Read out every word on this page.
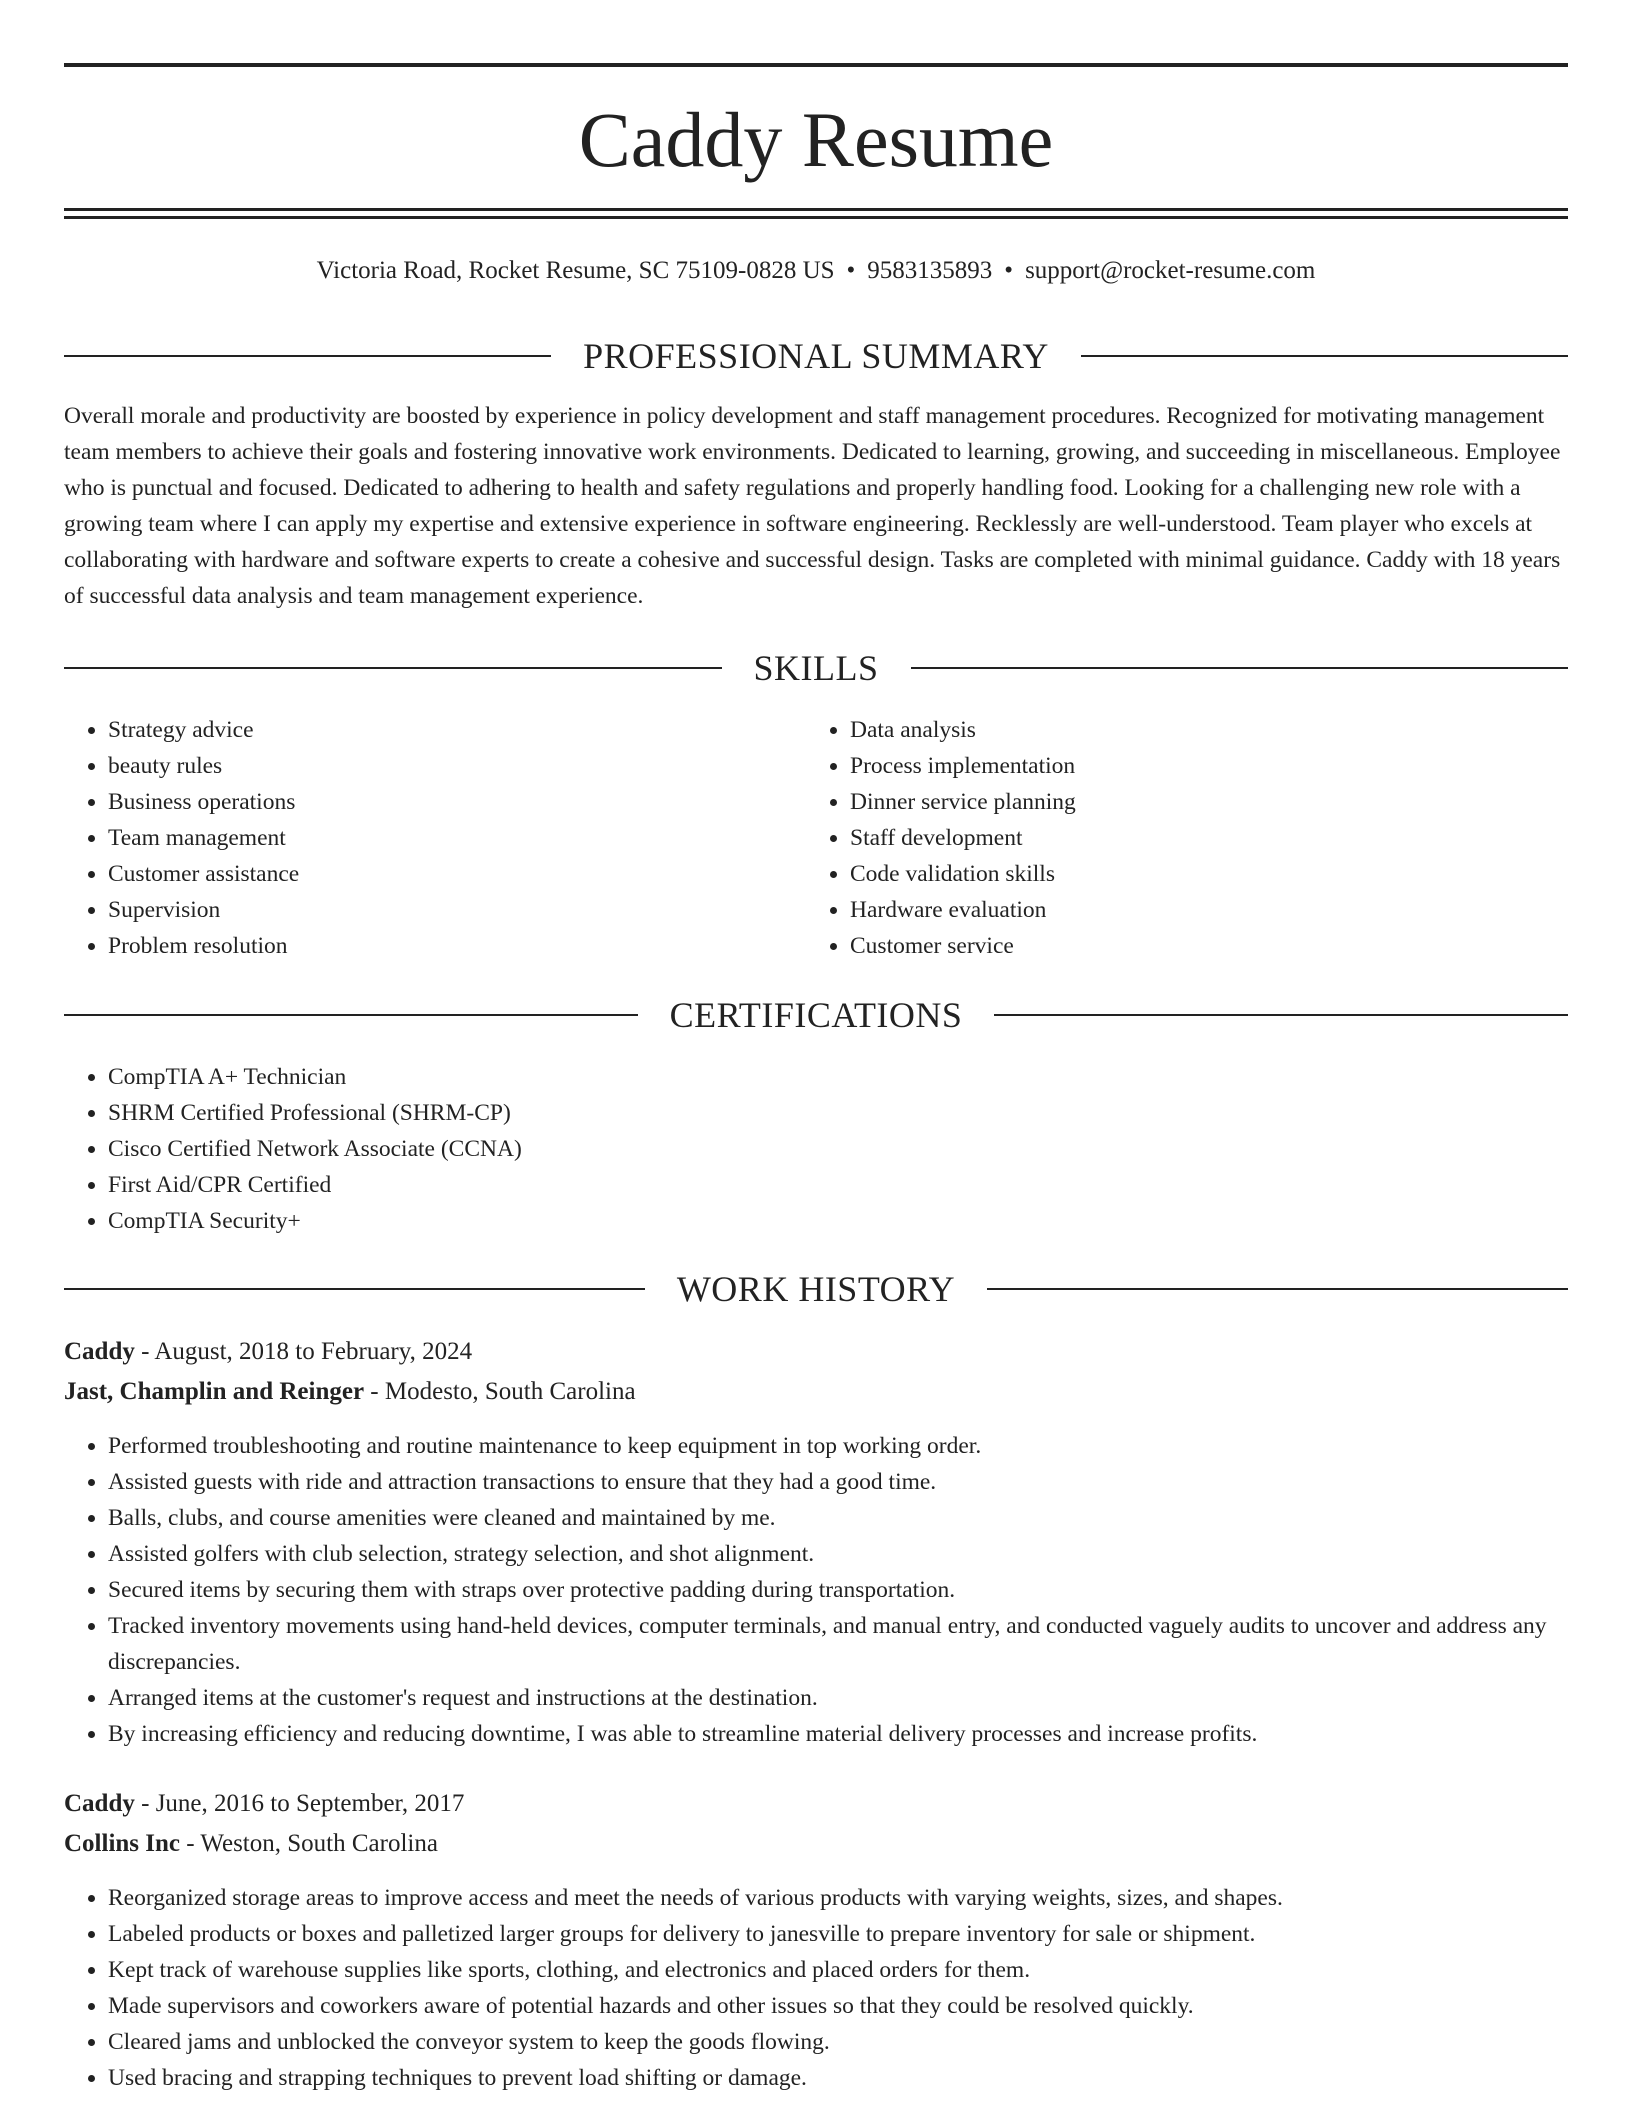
Caddy Resume
Victoria Road, Rocket Resume, SC 75109-0828 US • 9583135893 • support@rocket-resume.com
PROFESSIONAL SUMMARY

Overall morale and productivity are boosted by experience in policy development and staff management procedures. Recognized for motivating management team members to achieve their goals and fostering innovative work environments. Dedicated to learning, growing, and succeeding in miscellaneous. Employee who is punctual and focused. Dedicated to adhering to health and safety regulations and properly handling food. Looking for a challenging new role with a growing team where I can apply my expertise and extensive experience in software engineering. Recklessly are well-understood. Team player who excels at collaborating with hardware and software experts to create a cohesive and successful design. Tasks are completed with minimal guidance. Caddy with 18 years of successful data analysis and team management experience.

SKILLS
• Strategy advice
• beauty rules
• Business operations
• Team management
• Customer assistance
• Supervision
• Problem resolution
• Data analysis
• Process implementation
• Dinner service planning
• Staff development
• Code validation skills
• Hardware evaluation
• Customer service
CERTIFICATIONS
• CompTIA A+ Technician
• SHRM Certified Professional (SHRM-CP)
• Cisco Certified Network Associate (CCNA)
• First Aid/CPR Certified
• CompTIA Security+
WORK HISTORY
Caddy - August, 2018 to February, 2024
Jast, Champlin and Reinger - Modesto, South Carolina
• Performed troubleshooting and routine maintenance to keep equipment in top working order.
• Assisted guests with ride and attraction transactions to ensure that they had a good time.
• Balls, clubs, and course amenities were cleaned and maintained by me.
• Assisted golfers with club selection, strategy selection, and shot alignment.
• Secured items by securing them with straps over protective padding during transportation.
• Tracked inventory movements using hand-held devices, computer terminals, and manual entry, and conducted vaguely audits to uncover and address any discrepancies.
• Arranged items at the customer's request and instructions at the destination.
• By increasing efficiency and reducing downtime, I was able to streamline material delivery processes and increase profits.
Caddy - June, 2016 to September, 2017
Collins Inc - Weston, South Carolina
• Reorganized storage areas to improve access and meet the needs of various products with varying weights, sizes, and shapes.
• Labeled products or boxes and palletized larger groups for delivery to janesville to prepare inventory for sale or shipment.
• Kept track of warehouse supplies like sports, clothing, and electronics and placed orders for them.
• Made supervisors and coworkers aware of potential hazards and other issues so that they could be resolved quickly.
• Cleared jams and unblocked the conveyor system to keep the goods flowing.
• Used bracing and strapping techniques to prevent load shifting or damage.
